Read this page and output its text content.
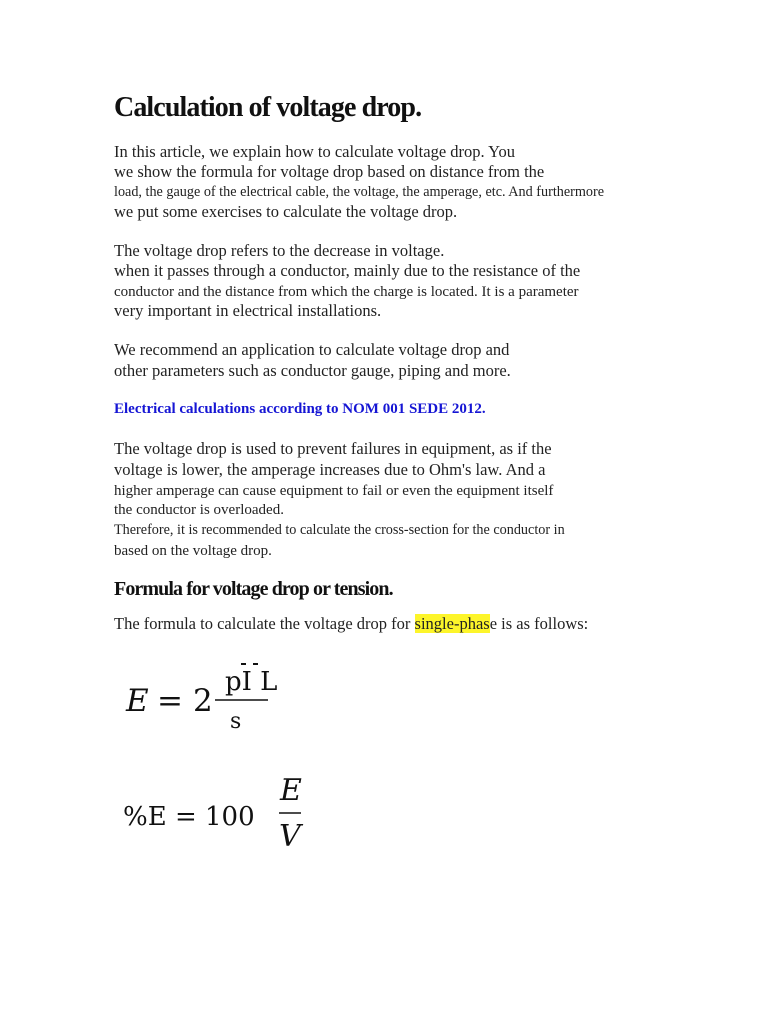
Calculation of voltage drop.

In this article, we explain how to calculate voltage drop. You

we show the formula for voltage drop based on distance from the

load, the gauge of the electrical cable, the voltage, the amperage, etc. And furthermore

we put some exercises to calculate the voltage drop.

The voltage drop refers to the decrease in voltage.

when it passes through a conductor, mainly due to the resistance of the

conductor and the distance from which the charge is located. It is a parameter

very important in electrical installations.

We recommend an application to calculate voltage drop and

other parameters such as conductor gauge, piping and more.

Electrical calculations according to NOM 001 SEDE 2012.

The voltage drop is used to prevent failures in equipment, as if the

voltage is lower, the amperage increases due to Ohm's law. And a

higher amperage can cause equipment to fail or even the equipment itself

the conductor is overloaded.

Therefore, it is recommended to calculate the cross-section for the conductor in

based on the voltage drop.

Formula for voltage drop or tension.

The formula to calculate the voltage drop for single-phase is as follows:

E = 2
pI L
s
%E = 100
E
V
